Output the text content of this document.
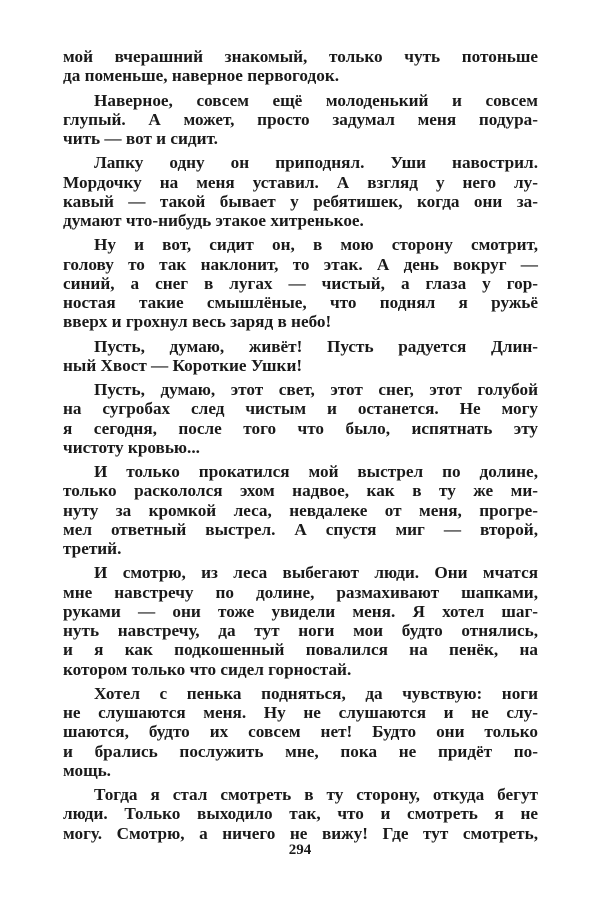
мой вчерашний знакомый, только чуть потоньше
да поменьше, наверное первогодок.
Наверное, совсем ещё молоденький и совсем
глупый. А может, просто задумал меня подура-
чить — вот и сидит.
Лапку одну он приподнял. Уши навострил.
Мордочку на меня уставил. А взгляд у него лу-
кавый — такой бывает у ребятишек, когда они за-
думают что-нибудь этакое хитренькое.
Ну и вот, сидит он, в мою сторону смотрит,
голову то так наклонит, то этак. А день вокруг —
синий, а снег в лугах — чистый, а глаза у гор-
ностая такие смышлёные, что поднял я ружьё
вверх и грохнул весь заряд в небо!
Пусть, думаю, живёт! Пусть радуется Длин-
ный Хвост — Короткие Ушки!
Пусть, думаю, этот свет, этот снег, этот голубой
на сугробах след чистым и останется. Не могу
я сегодня, после того что было, испятнать эту
чистоту кровью...
И только прокатился мой выстрел по долине,
только раскололся эхом надвое, как в ту же ми-
нуту за кромкой леса, невдалеке от меня, прогре-
мел ответный выстрел. А спустя миг — второй,
третий.
И смотрю, из леса выбегают люди. Они мчатся
мне навстречу по долине, размахивают шапками,
руками — они тоже увидели меня. Я хотел шаг-
нуть навстречу, да тут ноги мои будто отнялись,
и я как подкошенный повалился на пенёк, на
котором только что сидел горностай.
Хотел с пенька подняться, да чувствую: ноги
не слушаются меня. Ну не слушаются и не слу-
шаются, будто их совсем нет! Будто они только
и брались послужить мне, пока не придёт по-
мощь.
Тогда я стал смотреть в ту сторону, откуда бегут
люди. Только выходило так, что и смотреть я не
могу. Смотрю, а ничего не вижу! Где тут смотреть,
294
